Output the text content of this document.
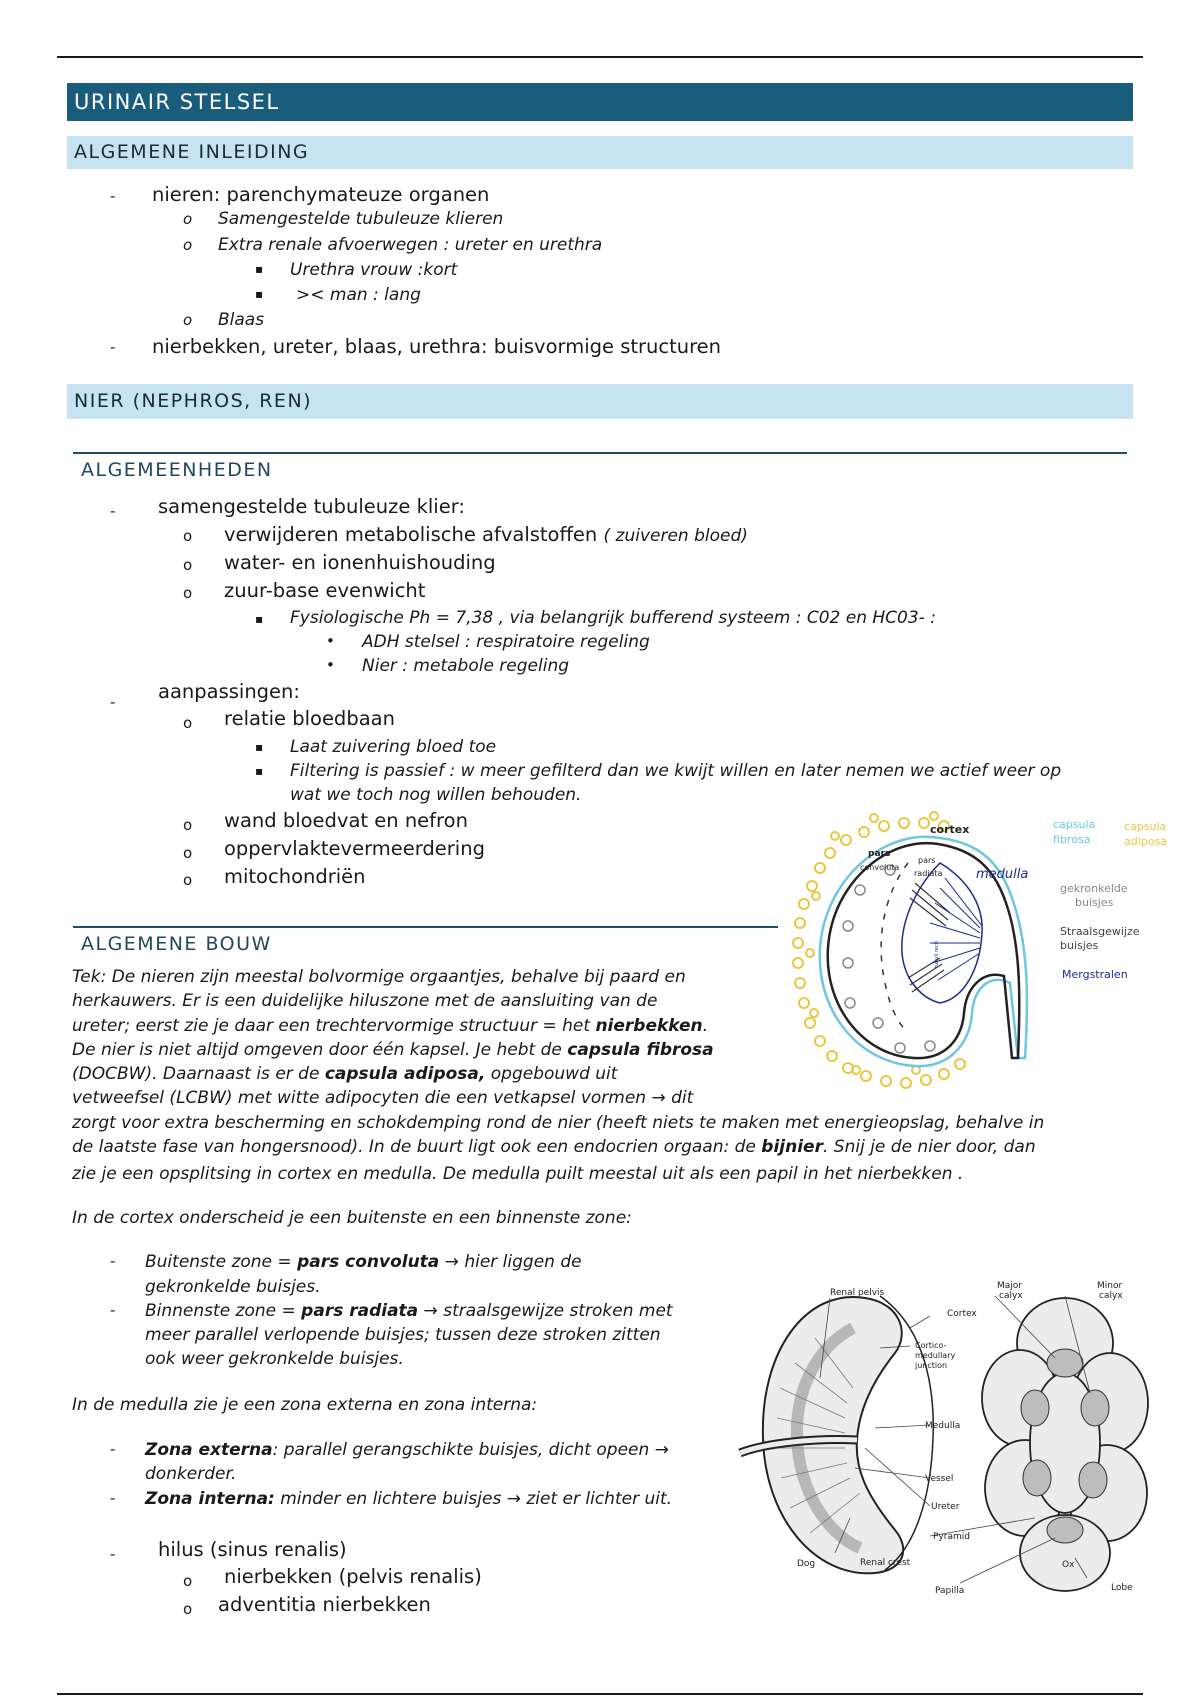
URINAIR STELSEL
ALGEMENE INLEIDING
- nieren: parenchymateuze organen
o Samengestelde tubuleuze klieren
o Extra renale afvoerwegen : ureter en urethra
▪ Urethra vrouw :kort
▪ >< man : lang
o Blaas
- nierbekken, ureter, blaas, urethra: buisvormige structuren
NIER (NEPHROS, REN)
ALGEMEENHEDEN
- samengestelde tubuleuze klier:
o verwijderen metabolische afvalstoffen ( zuiveren bloed)
o water- en ionenhuishouding
o zuur-base evenwicht
▪ Fysiologische Ph = 7,38 , via belangrijk bufferend systeem : C02 en HC03- :
• ADH stelsel : respiratoire regeling
• Nier : metabole regeling
- aanpassingen:
o relatie bloedbaan
▪ Laat zuivering bloed toe
▪ Filtering is passief : w meer gefilterd dan we kwijt willen en later nemen we actief weer op
wat we toch nog willen behouden.
o wand bloedvat en nefron
o oppervlaktevermeerdering
o mitochondriën
cortex
pars
convoluta
pars
radiata	medulla
tubuli recti
capsula
fibrosa
capsula
adiposa
gekronkelde
buisjes
Straalsgewijze
buisjes
Mergstralen
ALGEMENE BOUW
Tek: De nieren zijn meestal bolvormige orgaantjes, behalve bij paard en
herkauwers. Er is een duidelijke hiluszone met de aansluiting van de
ureter; eerst zie je daar een trechtervormige structuur = het nierbekken.
De nier is niet altijd omgeven door één kapsel. Je hebt de capsula fibrosa
(DOCBW). Daarnaast is er de capsula adiposa, opgebouwd uit
vetweefsel (LCBW) met witte adipocyten die een vetkapsel vormen → dit
zorgt voor extra bescherming en schokdemping rond de nier (heeft niets te maken met energieopslag, behalve in
de laatste fase van hongersnood). In de buurt ligt ook een endocrien orgaan: de bijnier. Snij je de nier door, dan
zie je een opsplitsing in cortex en medulla. De medulla puilt meestal uit als een papil in het nierbekken .
In de cortex onderscheid je een buitenste en een binnenste zone:
- Buitenste zone = pars convoluta → hier liggen de
gekronkelde buisjes.
- Binnenste zone = pars radiata → straalsgewijze stroken met
meer parallel verlopende buisjes; tussen deze stroken zitten
ook weer gekronkelde buisjes.
In de medulla zie je een zona externa en zona interna:
- Zona externa: parallel gerangschikte buisjes, dicht opeen →
donkerder.
- Zona interna: minder en lichtere buisjes → ziet er lichter uit.
- hilus (sinus renalis)
o nierbekken (pelvis renalis)
o adventitia nierbekken
Renal pelvis
Major
calyx
Minor
calyx
Cortex
Cortico-
medullary
junction
Medulla
Vessel
Ureter
Pyramid
Dog	Renal crest
Papilla
Ox
Lobe
